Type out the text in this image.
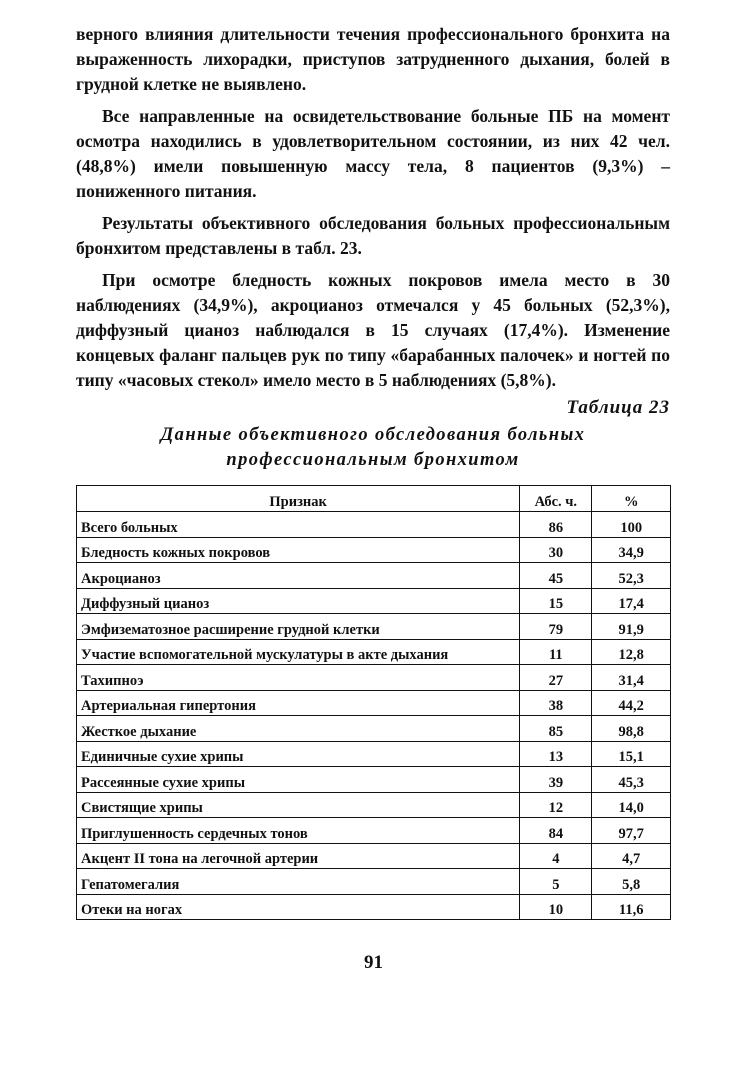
верного влияния длительности течения профессионального бронхита на выраженность лихорадки, приступов затрудненного дыхания, болей в грудной клетке не выявлено.

Все направленные на освидетельствование больные ПБ на момент осмотра находились в удовлетворительном состоянии, из них 42 чел. (48,8%) имели повышенную массу тела, 8 пациентов (9,3%) – пониженного питания.

Результаты объективного обследования больных профессиональным бронхитом представлены в табл. 23.

При осмотре бледность кожных покровов имела место в 30 наблюдениях (34,9%), акроцианоз отмечался у 45 больных (52,3%), диффузный цианоз наблюдался в 15 случаях (17,4%). Изменение концевых фаланг пальцев рук по типу «барабанных палочек» и ногтей по типу «часовых стекол» имело место в 5 наблюдениях (5,8%).

Таблица 23
Данные объективного обследования больных
профессиональным бронхитом
Признак	Абс. ч.	%
Всего больных	86	100
Бледность кожных покровов	30	34,9
Акроцианоз	45	52,3
Диффузный цианоз	15	17,4
Эмфизематозное расширение грудной клетки	79	91,9
Участие вспомогательной мускулатуры в акте дыхания	11	12,8
Тахипноэ	27	31,4
Артериальная гипертония	38	44,2
Жесткое дыхание	85	98,8
Единичные сухие хрипы	13	15,1
Рассеянные сухие хрипы	39	45,3
Свистящие хрипы	12	14,0
Приглушенность сердечных тонов	84	97,7
Акцент II тона на легочной артерии	4	4,7
Гепатомегалия	5	5,8
Отеки на ногах	10	11,6
91
